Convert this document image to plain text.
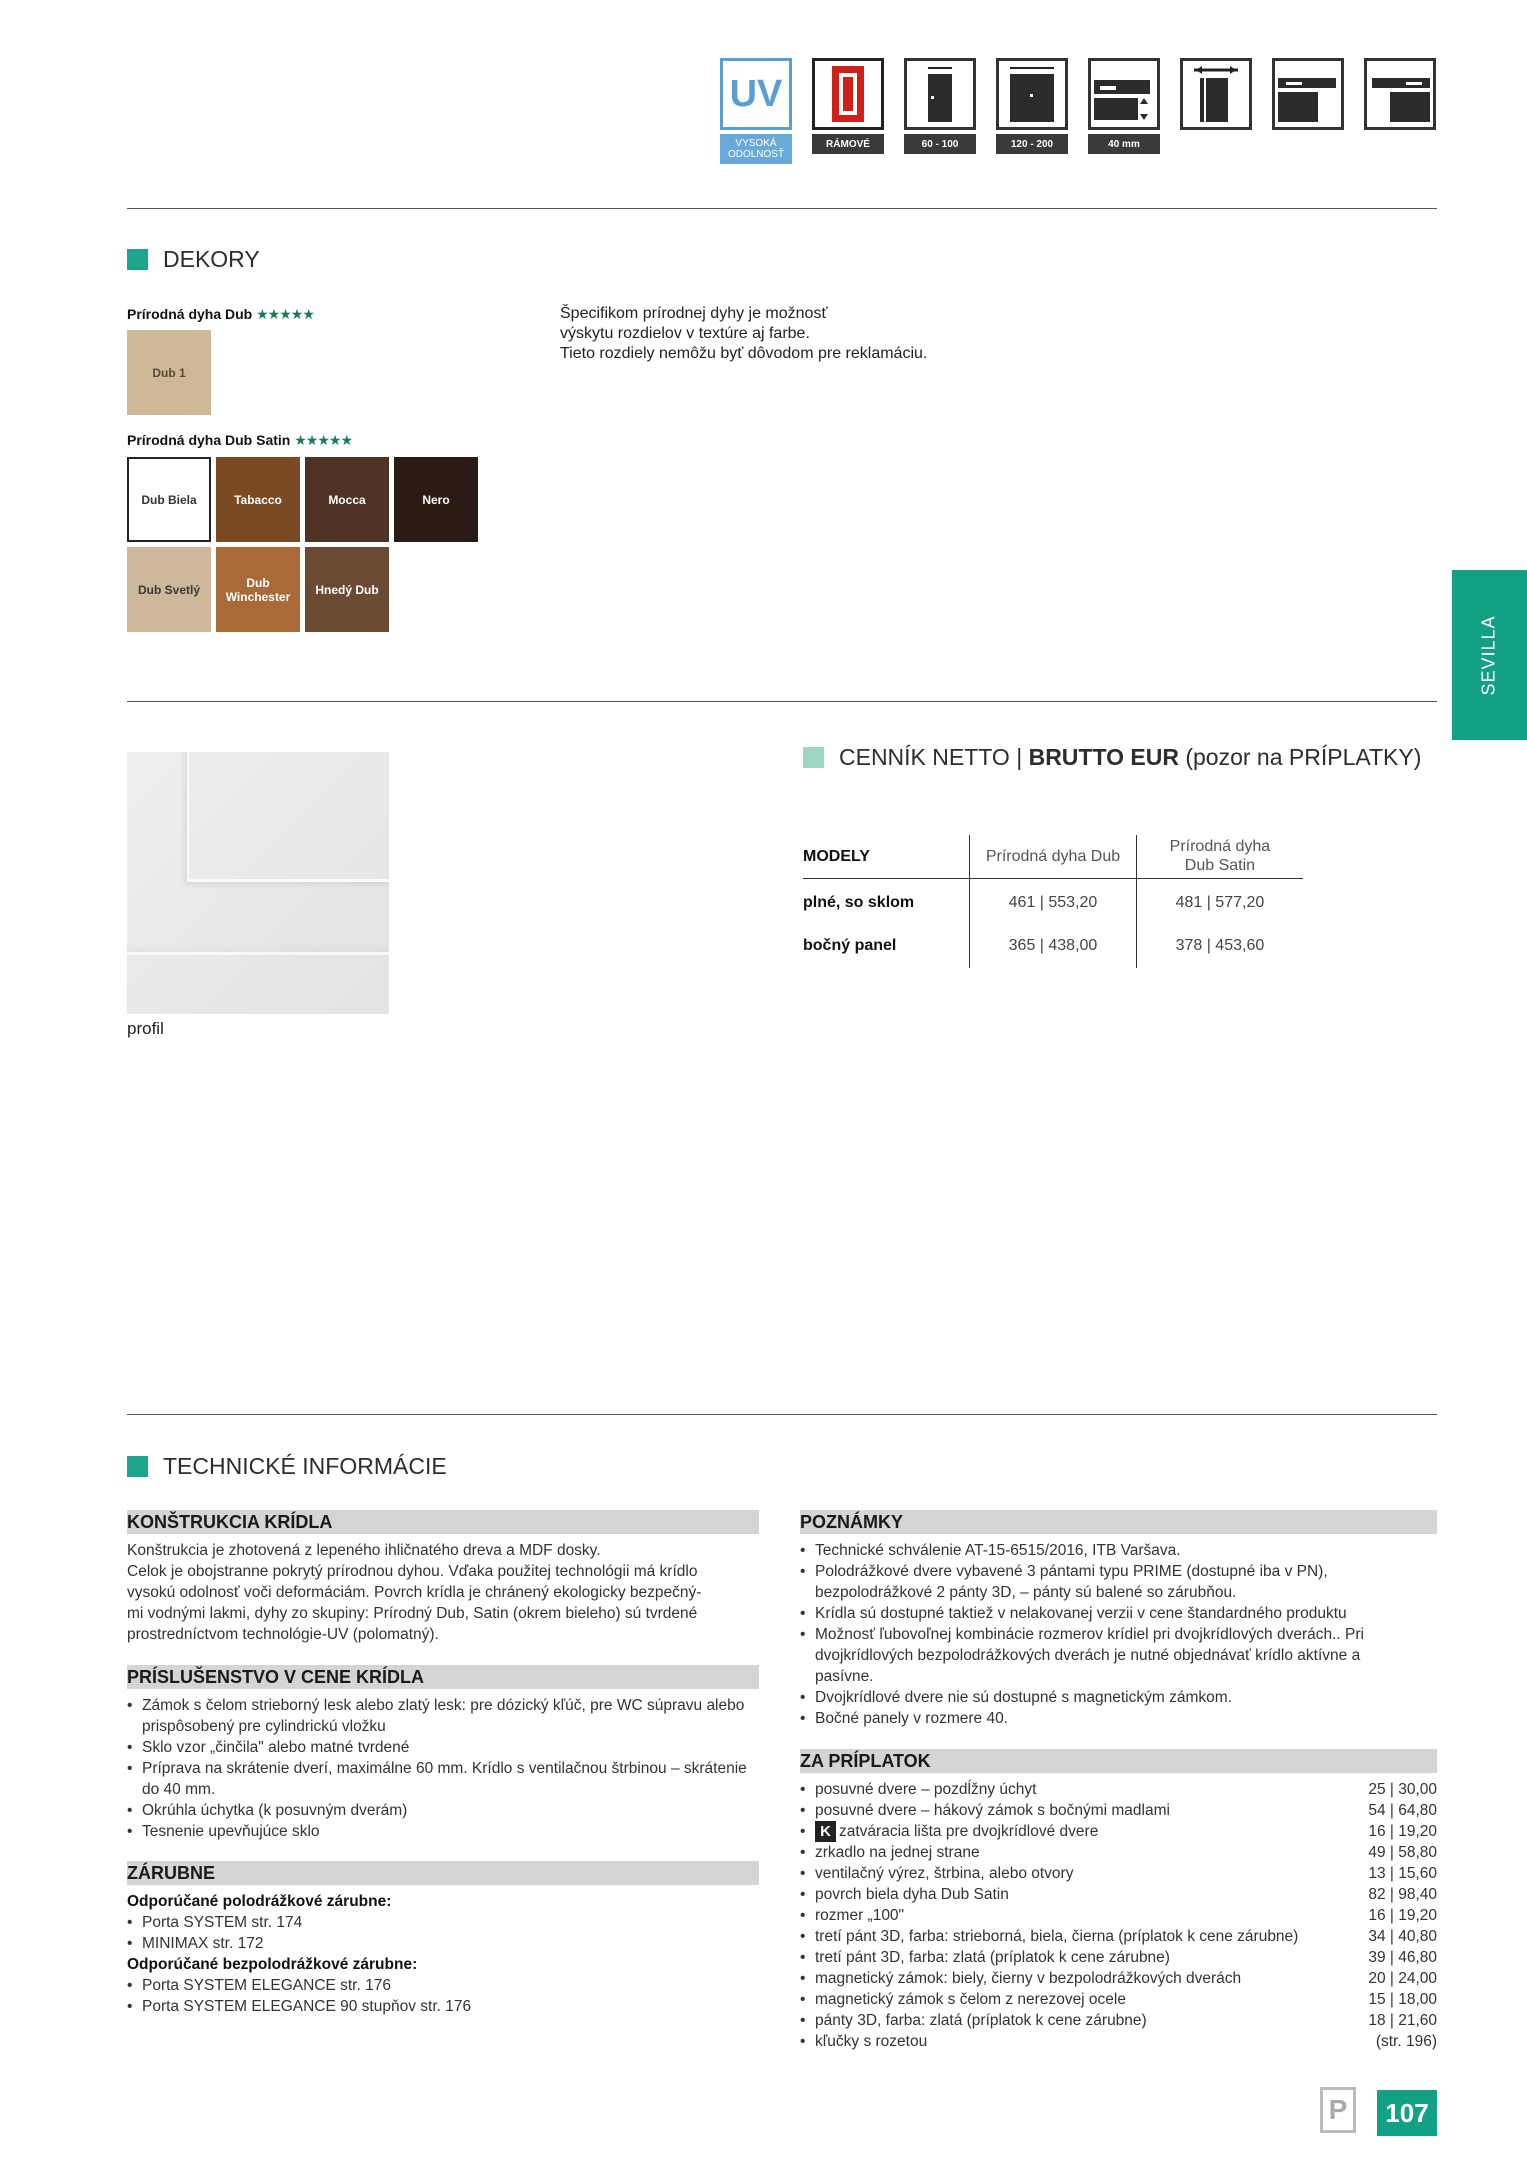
UV
VYSOKÁ
ODOLNOSŤ
RÁMOVÉ	60 - 100	120 - 200	40 mm
SEVILLA
DEKORY
Prírodná dyha Dub ★★★★★
Dub 1
Prírodná dyha Dub Satin ★★★★★
Dub Biela	Tabacco	Mocca	Nero
Dub Svetlý	Dub Winchester	Hnedý Dub
Špecifikom prírodnej dyhy je možnosť
výskytu rozdielov v textúre aj farbe.
Tieto rozdiely nemôžu byť dôvodom pre reklamáciu.
profil
CENNÍK NETTO |
BRUTTO EUR
(pozor na PRÍPLATKY)
MODELY	Prírodná dyha Dub	Prírodná dyha
Dub Satin

plné, so sklom	461 | 553,20	481 | 577,20
bočný panel	365 | 438,00	378 | 453,60
TECHNICKÉ INFORMÁCIE
KONŠTRUKCIA KRÍDLA
Konštrukcia je zhotovená z lepeného ihličnatého dreva a MDF dosky.
Celok je obojstranne pokrytý prírodnou dyhou. Vďaka použitej technológii má krídlo
vysokú odolnosť voči deformáciám. Povrch krídla je chránený ekologicky bezpečný-
mi vodnými lakmi, dyhy zo skupiny: Prírodný Dub, Satin (okrem bieleho) sú tvrdené
prostredníctvom technológie-UV (polomatný).
PRÍSLUŠENSTVO V CENE KRÍDLA
• Zámok s čelom strieborný lesk alebo zlatý lesk: pre dózický kľúč, pre WC súpravu alebo prispôsobený pre cylindrickú vložku
• Sklo vzor „činčila" alebo matné tvrdené
• Príprava na skrátenie dverí, maximálne 60 mm. Krídlo s ventilačnou štrbinou – skrátenie do 40 mm.
• Okrúhla úchytka (k posuvným dverám)
• Tesnenie upevňujúce sklo
ZÁRUBNE
Odporúčané polodrážkové zárubne:
• Porta SYSTEM str. 174
• MINIMAX str. 172
Odporúčané bezpolodrážkové zárubne:
• Porta SYSTEM ELEGANCE str. 176
• Porta SYSTEM ELEGANCE 90 stupňov str. 176
POZNÁMKY
• Technické schválenie AT-15-6515/2016, ITB Varšava.
• Polodrážkové dvere vybavené 3 pántami typu PRIME (dostupné iba v PN), bezpolodrážkové 2 pánty 3D, – pánty sú balené so zárubňou.
• Krídla sú dostupné taktiež v nelakovanej verzii v cene štandardného produktu
• Možnosť ľubovoľnej kombinácie rozmerov krídiel pri dvojkrídlových dverách.. Pri dvojkrídlových bezpolodrážkových dverách je nutné objednávať krídlo aktívne a pasívne.
• Dvojkrídlové dvere nie sú dostupné s magnetickým zámkom.
• Bočné panely v rozmere 40.
ZA PRÍPLATOK
• posuvné dvere – pozdĺžny úchyt	25 | 30,00
• posuvné dvere – hákový zámok s bočnými madlami	54 | 64,80
• K zatváracia lišta pre dvojkrídlové dvere	16 | 19,20
• zrkadlo na jednej strane	49 | 58,80
• ventilačný výrez, štrbina, alebo otvory	13 | 15,60
• povrch biela dyha Dub Satin	82 | 98,40
• rozmer „100"	16 | 19,20
• tretí pánt 3D, farba: strieborná, biela, čierna (príplatok k cene zárubne)	34 | 40,80
• tretí pánt 3D, farba: zlatá (príplatok k cene zárubne)	39 | 46,80
• magnetický zámok: biely, čierny v bezpolodrážkových dverách	20 | 24,00
• magnetický zámok s čelom z nerezovej ocele	15 | 18,00
• pánty 3D, farba: zlatá (príplatok k cene zárubne)	18 | 21,60
• kľučky s rozetou	(str. 196)
P	107
